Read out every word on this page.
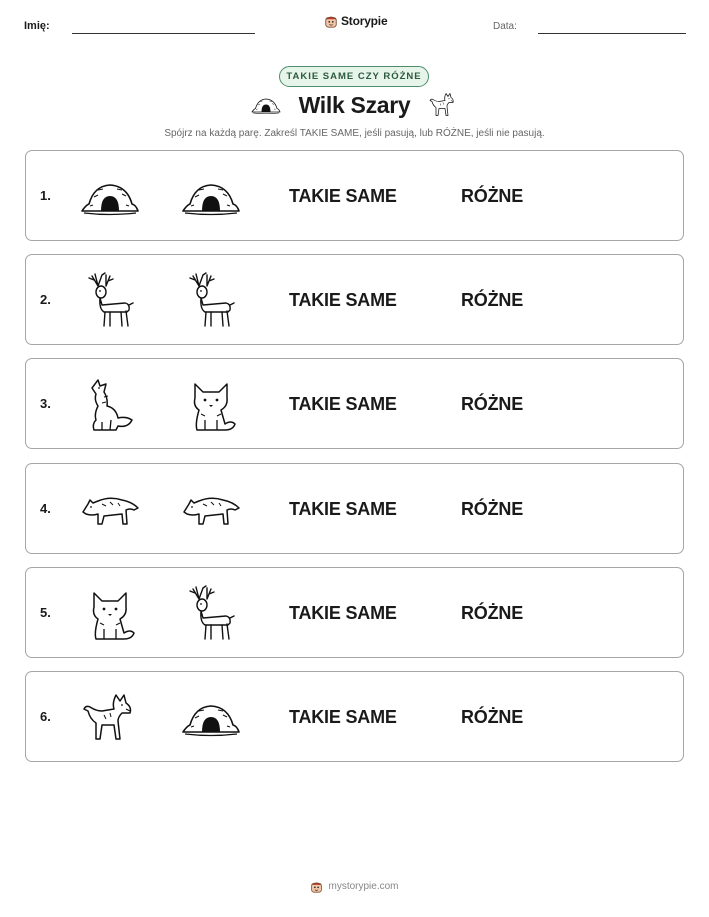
Imię:	Storypie	Data:
TAKIE SAME CZY RÓŻNE
Wilk Szary
Spójrz na każdą parę. Zakreśl TAKIE SAME, jeśli pasują, lub RÓŻNE, jeśli nie pasują.
1.	TAKIE SAME	RÓŻNE
2.	TAKIE SAME	RÓŻNE
3.	TAKIE SAME	RÓŻNE
4.	TAKIE SAME	RÓŻNE
5.	TAKIE SAME	RÓŻNE
6.	TAKIE SAME	RÓŻNE
mystorypie.com
